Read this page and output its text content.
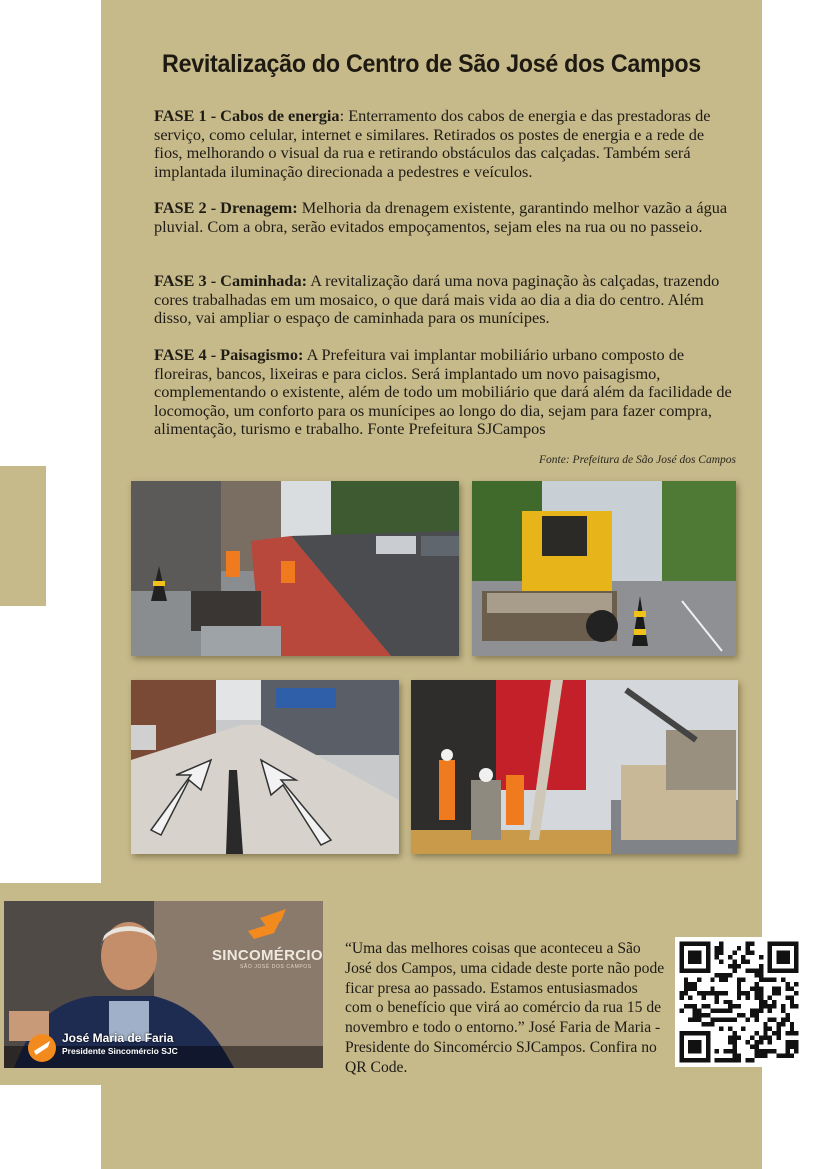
Revitalização do Centro de São José dos Campos

FASE 1 - Cabos de energia: Enterramento dos cabos de energia e das prestadoras de serviço, como celular, internet e similares. Retirados os postes de energia e a rede de fios, melhorando o visual da rua e retirando obstáculos das calçadas. Também será implantada iluminação direcionada a pedestres e veículos.

FASE 2 - Drenagem: Melhoria da drenagem existente, garantindo melhor vazão a água pluvial. Com a obra, serão evitados empoçamentos, sejam eles na rua ou no passeio.

FASE 3 - Caminhada: A revitalização dará uma nova paginação às calçadas, trazendo cores trabalhadas em um mosaico, o que dará mais vida ao dia a dia do centro. Além disso, vai ampliar o espaço de caminhada para os munícipes.

FASE 4 - Paisagismo: A Prefeitura vai implantar mobiliário urbano composto de floreiras, bancos, lixeiras e para ciclos. Será implantado um novo paisagismo, complementando o existente, além de todo um mobiliário que dará além da facilidade de locomoção, um conforto para os munícipes ao longo do dia, sejam para fazer compra, alimentação, turismo e trabalho. Fonte Prefeitura SJCampos

Fonte: Prefeitura de São José dos Campos

SINCOMÉRCIO

SÃO JOSÉ DOS CAMPOS

José Maria de Faria

Presidente Sincomércio SJC

“Uma das melhores coisas que aconteceu a São José dos Campos, uma cidade deste porte não pode ficar presa ao passado. Estamos entusiasmados com o benefício que virá ao comércio da rua 15 de novembro e todo o entorno.” José Faria de Maria - Presidente do Sincomércio SJCampos. Confira no QR Code.
